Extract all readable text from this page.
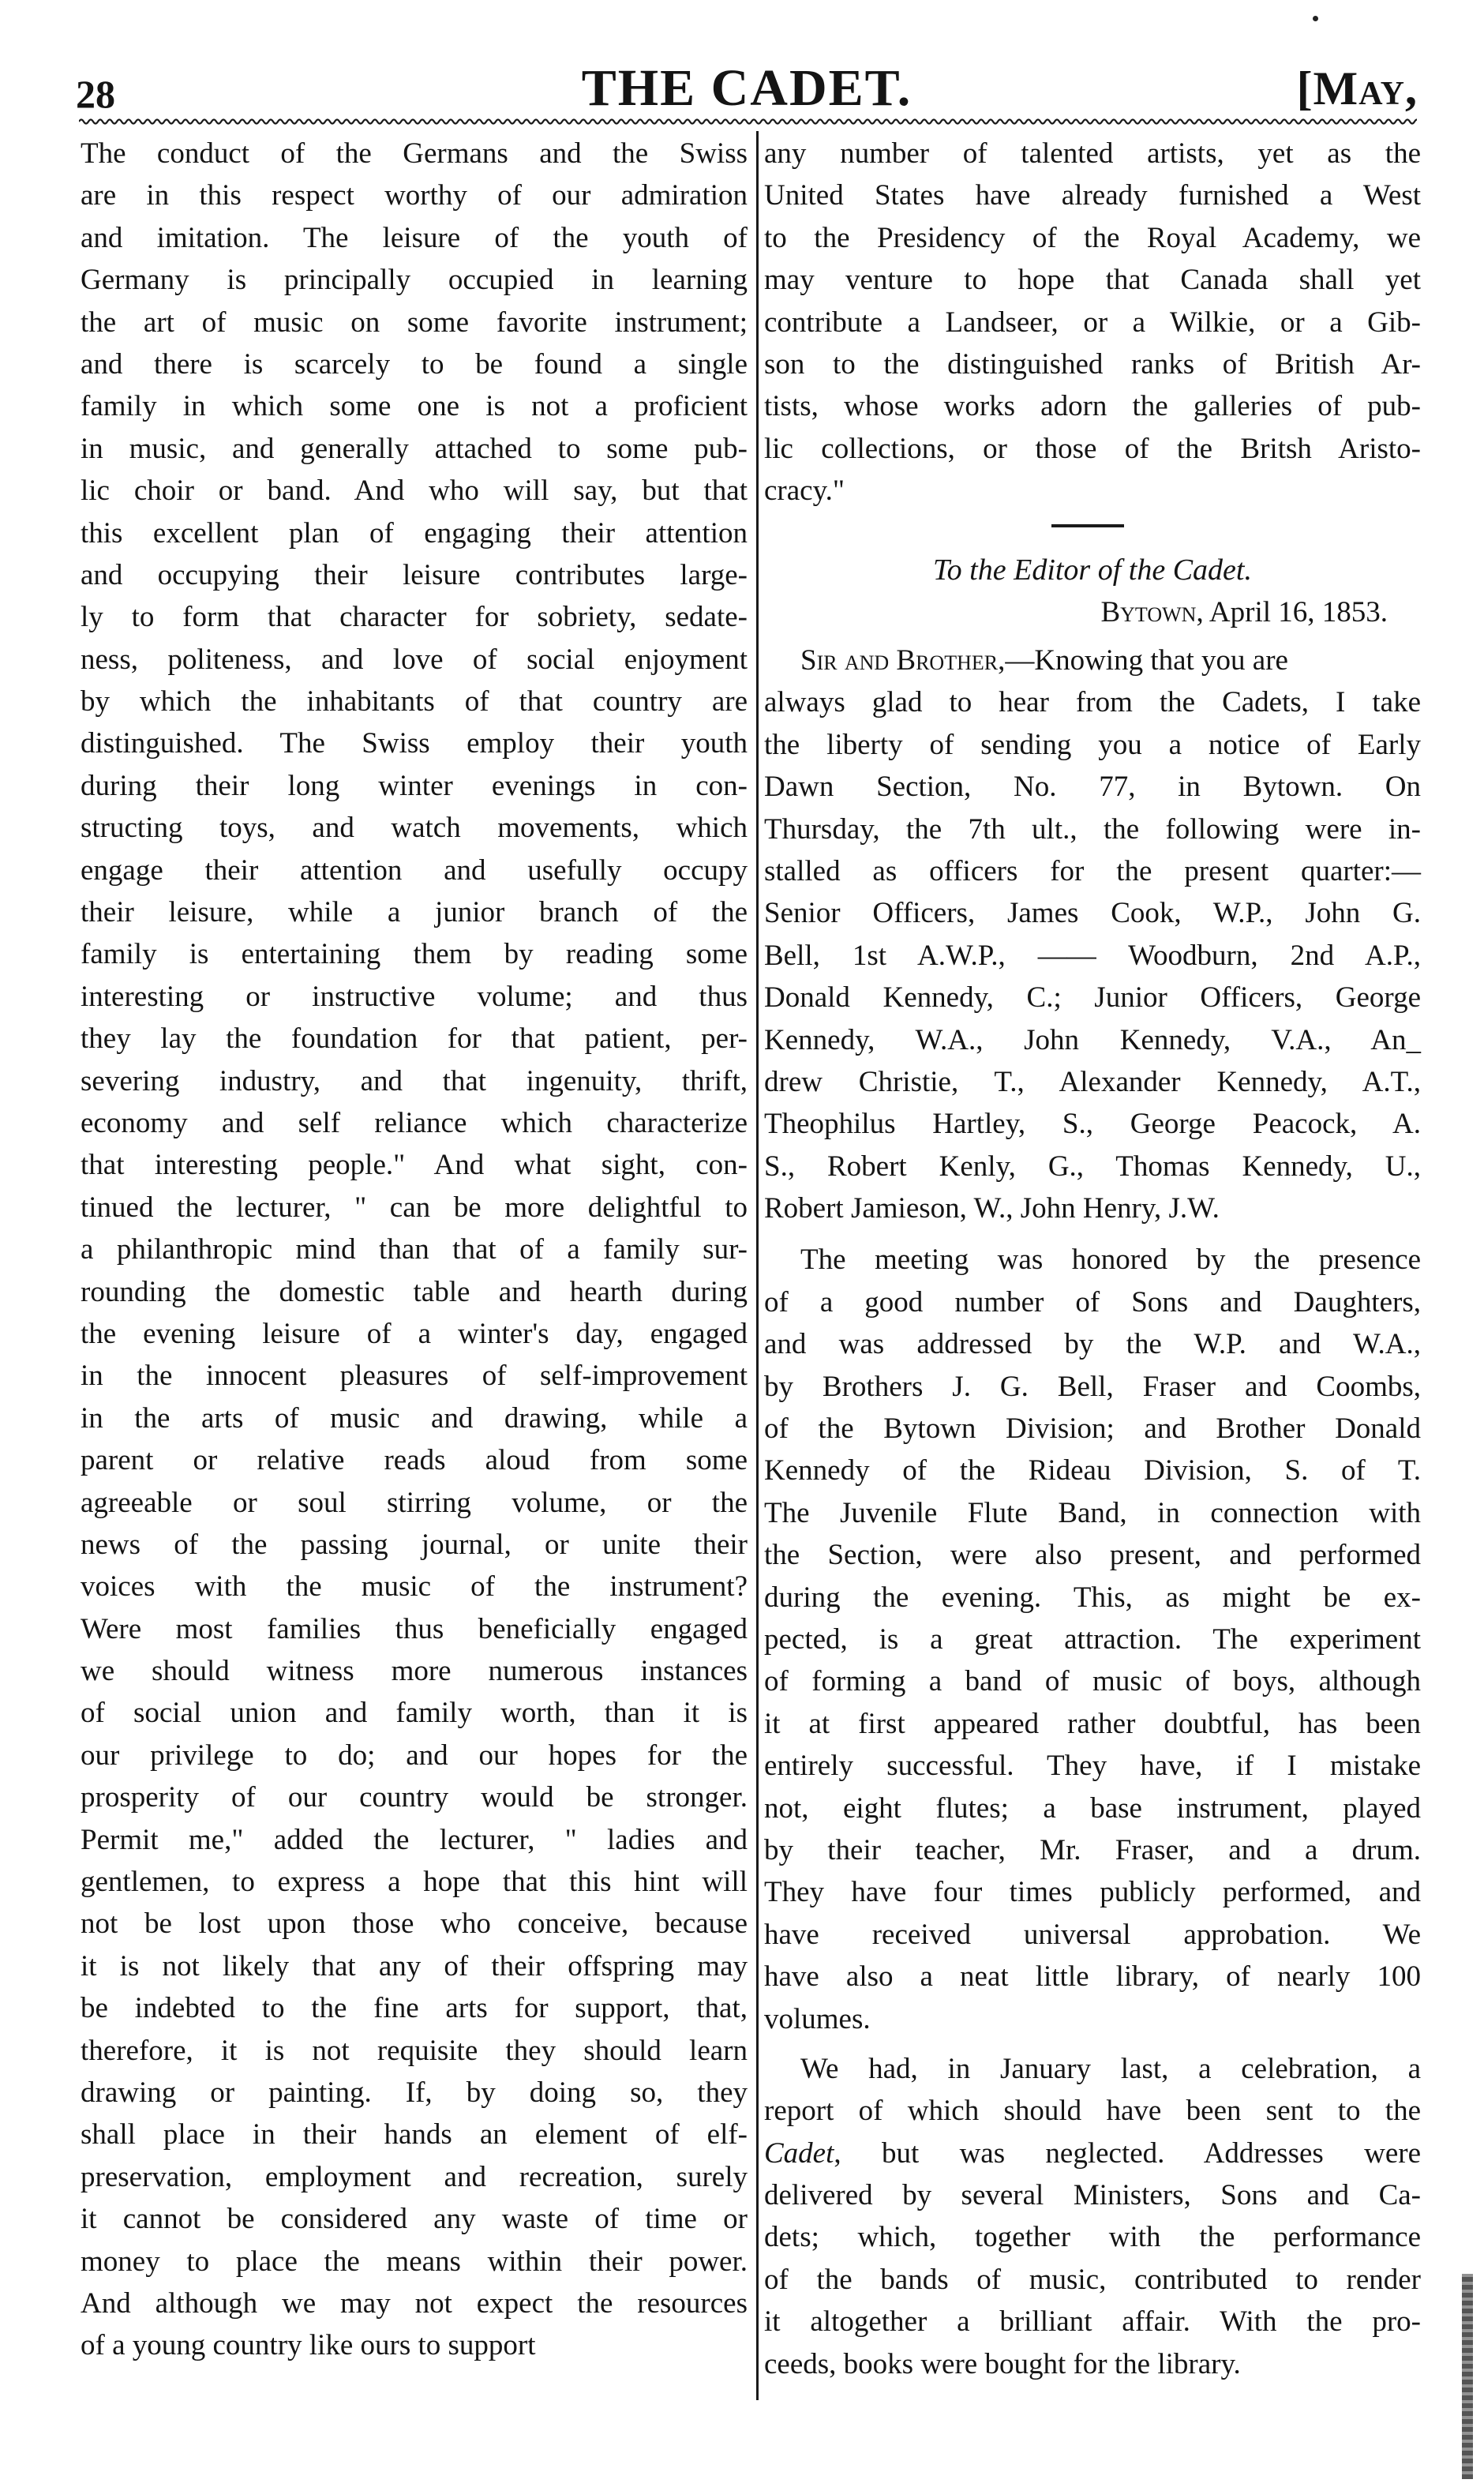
28	THE CADET.	[May,
The conduct of the Germans and the Swiss
are in this respect worthy of our admiration
and imitation. The leisure of the youth of
Germany is principally occupied in learning
the art of music on some favorite instrument;
and there is scarcely to be found a single
family in which some one is not a proficient
in music, and generally attached to some pub-
lic choir or band. And who will say, but that
this excellent plan of engaging their attention
and occupying their leisure contributes large-
ly to form that character for sobriety, sedate-
ness, politeness, and love of social enjoyment
by which the inhabitants of that country are
distinguished. The Swiss employ their youth
during their long winter evenings in con-
structing toys, and watch movements, which
engage their attention and usefully occupy
their leisure, while a junior branch of the
family is entertaining them by reading some
interesting or instructive volume; and thus
they lay the foundation for that patient, per-
severing industry, and that ingenuity, thrift,
economy and self reliance which characterize
that interesting people." And what sight, con-
tinued the lecturer, " can be more delightful to
a philanthropic mind than that of a family sur-
rounding the domestic table and hearth during
the evening leisure of a winter's day, engaged
in the innocent pleasures of self-improvement
in the arts of music and drawing, while a
parent or relative reads aloud from some
agreeable or soul stirring volume, or the
news of the passing journal, or unite their
voices with the music of the instrument?
Were most families thus beneficially engaged
we should witness more numerous instances
of social union and family worth, than it is
our privilege to do; and our hopes for the
prosperity of our country would be stronger.
Permit me," added the lecturer, " ladies and
gentlemen, to express a hope that this hint will
not be lost upon those who conceive, because
it is not likely that any of their offspring may
be indebted to the fine arts for support, that,
therefore, it is not requisite they should learn
drawing or painting. If, by doing so, they
shall place in their hands an element of elf-
preservation, employment and recreation, surely
it cannot be considered any waste of time or
money to place the means within their power.
And although we may not expect the resources
of a young country like ours to support
any number of talented artists, yet as the
United States have already furnished a West
to the Presidency of the Royal Academy, we
may venture to hope that Canada shall yet
contribute a Landseer, or a Wilkie, or a Gib-
son to the distinguished ranks of British Ar-
tists, whose works adorn the galleries of pub-
lic collections, or those of the Britsh Aristo-
cracy."
To the Editor of the Cadet.
Bytown, April 16, 1853.
Sir and Brother,—Knowing that you are
always glad to hear from the Cadets, I take
the liberty of sending you a notice of Early
Dawn Section, No. 77, in Bytown. On
Thursday, the 7th ult., the following were in-
stalled as officers for the present quarter:—
Senior Officers, James Cook, W.P., John G.
Bell, 1st A.W.P., —— Woodburn, 2nd A.P.,
Donald Kennedy, C.; Junior Officers, George
Kennedy, W.A., John Kennedy, V.A., An_
drew Christie, T., Alexander Kennedy, A.T.,
Theophilus Hartley, S., George Peacock, A.
S., Robert Kenly, G., Thomas Kennedy, U.,
Robert Jamieson, W., John Henry, J.W.
The meeting was honored by the presence
of a good number of Sons and Daughters,
and was addressed by the W.P. and W.A.,
by Brothers J. G. Bell, Fraser and Coombs,
of the Bytown Division; and Brother Donald
Kennedy of the Rideau Division, S. of T.
The Juvenile Flute Band, in connection with
the Section, were also present, and performed
during the evening. This, as might be ex-
pected, is a great attraction. The experiment
of forming a band of music of boys, although
it at first appeared rather doubtful, has been
entirely successful. They have, if I mistake
not, eight flutes; a base instrument, played
by their teacher, Mr. Fraser, and a drum.
They have four times publicly performed, and
have received universal approbation. We
have also a neat little library, of nearly 100
volumes.
We had, in January last, a celebration, a
report of which should have been sent to the
Cadet, but was neglected. Addresses were
delivered by several Ministers, Sons and Ca-
dets; which, together with the performance
of the bands of music, contributed to render
it altogether a brilliant affair. With the pro-
ceeds, books were bought for the library.
